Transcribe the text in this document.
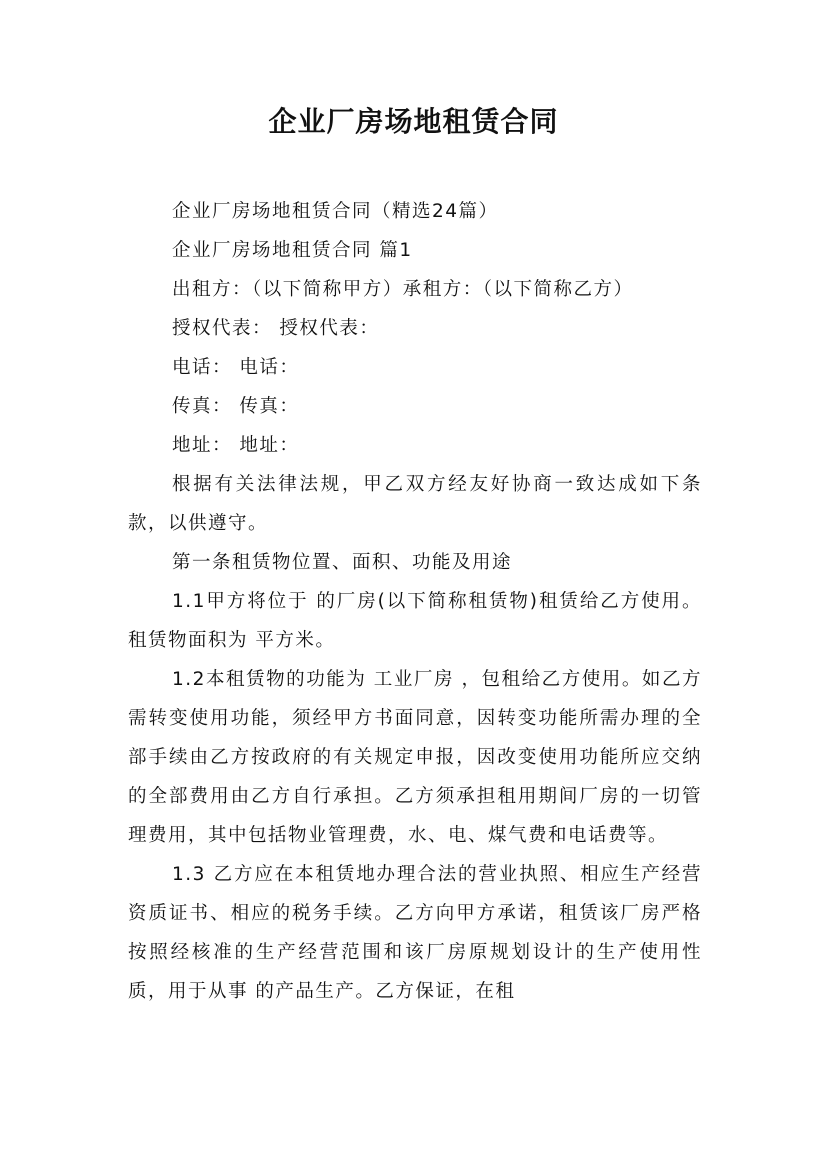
企业厂房场地租赁合同

企业厂房场地租赁合同（精选24篇）

企业厂房场地租赁合同 篇1

出租方：（以下简称甲方）承租方：（以下简称乙方）

授权代表： 授权代表：

电话： 电话：

传真： 传真：

地址： 地址：

根据有关法律法规，甲乙双方经友好协商一致达成如下条款，以供遵守。

第一条租赁物位置、面积、功能及用途

1.1甲方将位于 的厂房(以下简称租赁物)租赁给乙方使用。租赁物面积为 平方米。

1.2本租赁物的功能为 工业厂房 ，包租给乙方使用。如乙方需转变使用功能，须经甲方书面同意，因转变功能所需办理的全部手续由乙方按政府的有关规定申报，因改变使用功能所应交纳的全部费用由乙方自行承担。乙方须承担租用期间厂房的一切管理费用，其中包括物业管理费，水、电、煤气费和电话费等。

1.3 乙方应在本租赁地办理合法的营业执照、相应生产经营资质证书、相应的税务手续。乙方向甲方承诺，租赁该厂房严格按照经核准的生产经营范围和该厂房原规划设计的生产使用性质，用于从事 的产品生产。乙方保证，在租
